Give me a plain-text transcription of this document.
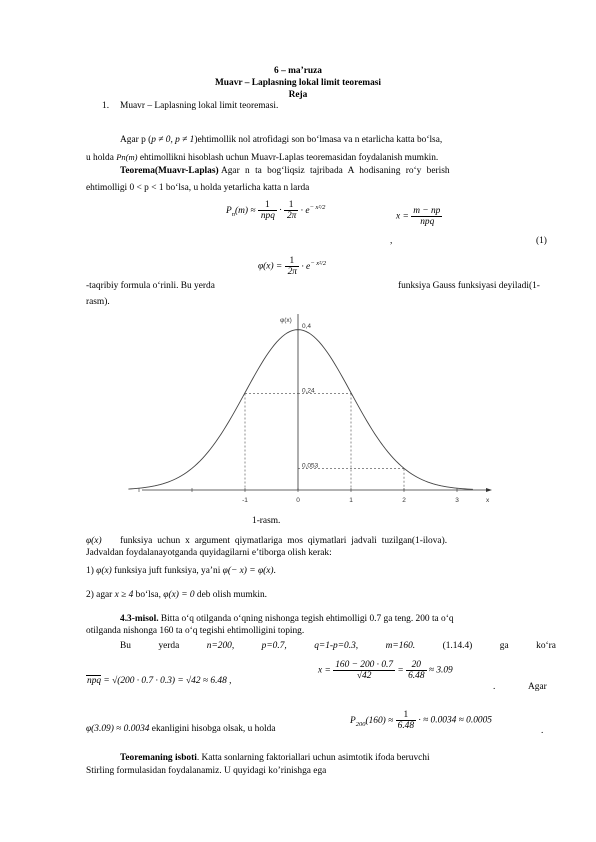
6 – ma’ruza
Muavr – Laplasning lokal limit teoremasi
Reja
1. Muavr – Laplasning lokal limit teoremasi.
Agar p (p ≠ 0, p ≠ 1)ehtimollik nol atrofidagi son bo‘lmasa va n etarlicha katta bo‘lsa,
u holda Pn(m) ehtimollikni hisoblash uchun Muavr-Laplas teoremasidan foydalanish mumkin.
Teorema(Muavr-Laplas) Agar n ta bog‘liqsiz tajribada A hodisaning ro‘y berish
ehtimolligi 0 < p < 1 bo‘lsa, u holda yetarlicha katta n larda
$P_n(m) \approx \frac{1}{\text{npq}} \cdot \frac{1}{2\pi} \cdot e^{- x^2/2}$
$x = \frac{m - np}{\text{npq}}$
,	(1)
$\varphi(x) = \frac{1}{2\pi} \cdot e^{- x^2/2}$
-taqribiy formula o‘rinli. Bu yerda	funksiya Gauss funksiyasi deyiladi(1-
rasm).
-1	0	1	2	3	x
φ(x)
0,4
0,24
0,053
1-rasm.
φ(x) funksiya uchun x argument qiymatlariga mos qiymatlari jadvali tuzilgan(1-ilova).
Jadvaldan foydalanayotganda quyidagilarni e’tiborga olish kerak:
1) φ(x) funksiya juft funksiya, ya’ni φ(− x) = φ(x).
2) agar x ≥ 4 bo‘lsa, φ(x) = 0 deb olish mumkin.
4.3-misol. Bitta o‘q otilganda o‘qning nishonga tegish ehtimolligi 0.7 ga teng. 200 ta o‘q
otilganda nishonga 160 ta o‘q tegishi ehtimolligini toping.
Bu	yerda	n=200,	p=0.7,	q=1-p=0.3,	m=160.	(1.14.4)	ga	ko‘ra
npq = √(200 · 0.7 · 0.3) = √42 ≈ 6.48 ,
$x = \frac{160 - 200 \cdot 0.7}{√42} = \frac{20}{6.48} \approx 3.09$
.	Agar
φ(3.09) ≈ 0.0034 ekanligini hisobga olsak, u holda
$P_{200}(160) \approx \frac{1}{6.48}$ · ≈ 0.0034 ≈ 0.0005
.
Teoremaning isboti. Katta sonlarning faktoriallari uchun asimtotik ifoda beruvchi
Stirling formulasidan foydalanamiz. U quyidagi ko’rinishga ega
